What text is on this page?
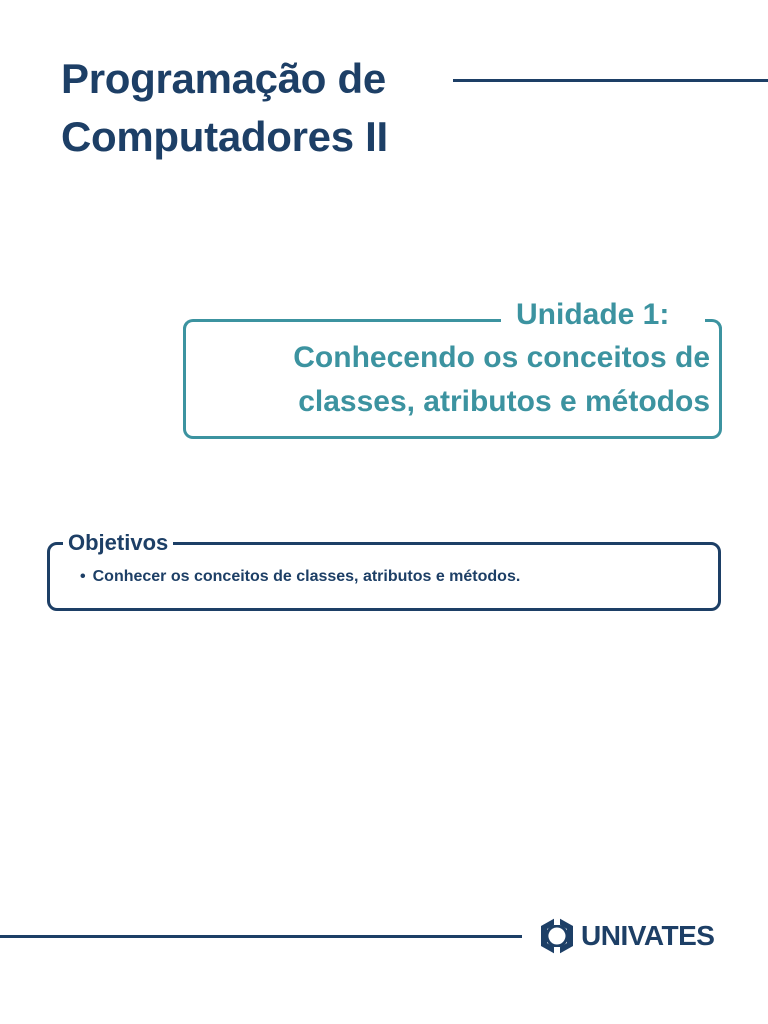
Programação de
Computadores II
Unidade 1:
Conhecendo os conceitos de
classes, atributos e métodos
Objetivos
• Conhecer os conceitos de classes, atributos e métodos.
UNIVATES
